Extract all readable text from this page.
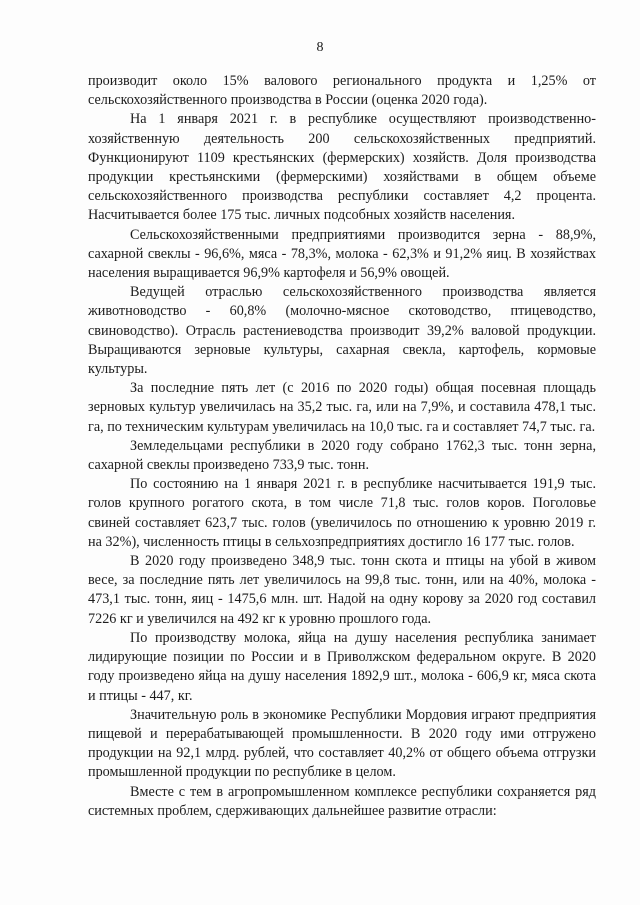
8

производит около 15% валового регионального продукта и 1,25% от сельскохозяйственного производства в России (оценка 2020 года).

На 1 января 2021 г. в республике осуществляют производственно-хозяйственную деятельность 200 сельскохозяйственных предприятий. Функционируют 1109 крестьянских (фермерских) хозяйств. Доля производства продукции крестьянскими (фермерскими) хозяйствами в общем объеме сельскохозяйственного производства республики составляет 4,2 процента. Насчитывается более 175 тыс. личных подсобных хозяйств населения.

Сельскохозяйственными предприятиями производится зерна - 88,9%, сахарной свеклы - 96,6%, мяса - 78,3%, молока - 62,3% и 91,2% яиц. В хозяйствах населения выращивается 96,9% картофеля и 56,9% овощей.

Ведущей отраслью сельскохозяйственного производства является животноводство - 60,8% (молочно-мясное скотоводство, птицеводство, свиноводство). Отрасль растениеводства производит 39,2% валовой продукции. Выращиваются зерновые культуры, сахарная свекла, картофель, кормовые культуры.

За последние пять лет (с 2016 по 2020 годы) общая посевная площадь зерновых культур увеличилась на 35,2 тыс. га, или на 7,9%, и составила 478,1 тыс. га, по техническим культурам увеличилась на 10,0 тыс. га и составляет 74,7 тыс. га.

Земледельцами республики в 2020 году собрано 1762,3 тыс. тонн зерна, сахарной свеклы произведено 733,9 тыс. тонн.

По состоянию на 1 января 2021 г. в республике насчитывается 191,9 тыс. голов крупного рогатого скота, в том числе 71,8 тыс. голов коров. Поголовье свиней составляет 623,7 тыс. голов (увеличилось по отношению к уровню 2019 г. на 32%), численность птицы в сельхозпредприятиях достигло 16 177 тыс. голов.

В 2020 году произведено 348,9 тыс. тонн скота и птицы на убой в живом весе, за последние пять лет увеличилось на 99,8 тыс. тонн, или на 40%, молока - 473,1 тыс. тонн, яиц - 1475,6 млн. шт. Надой на одну корову за 2020 год составил 7226 кг и увеличился на 492 кг к уровню прошлого года.

По производству молока, яйца на душу населения республика занимает лидирующие позиции по России и в Приволжском федеральном округе. В 2020 году произведено яйца на душу населения 1892,9 шт., молока - 606,9 кг, мяса скота и птицы - 447, кг.

Значительную роль в экономике Республики Мордовия играют предприятия пищевой и перерабатывающей промышленности. В 2020 году ими отгружено продукции на 92,1 млрд. рублей, что составляет 40,2% от общего объема отгрузки промышленной продукции по республике в целом.

Вместе с тем в агропромышленном комплексе республики сохраняется ряд системных проблем, сдерживающих дальнейшее развитие отрасли:
